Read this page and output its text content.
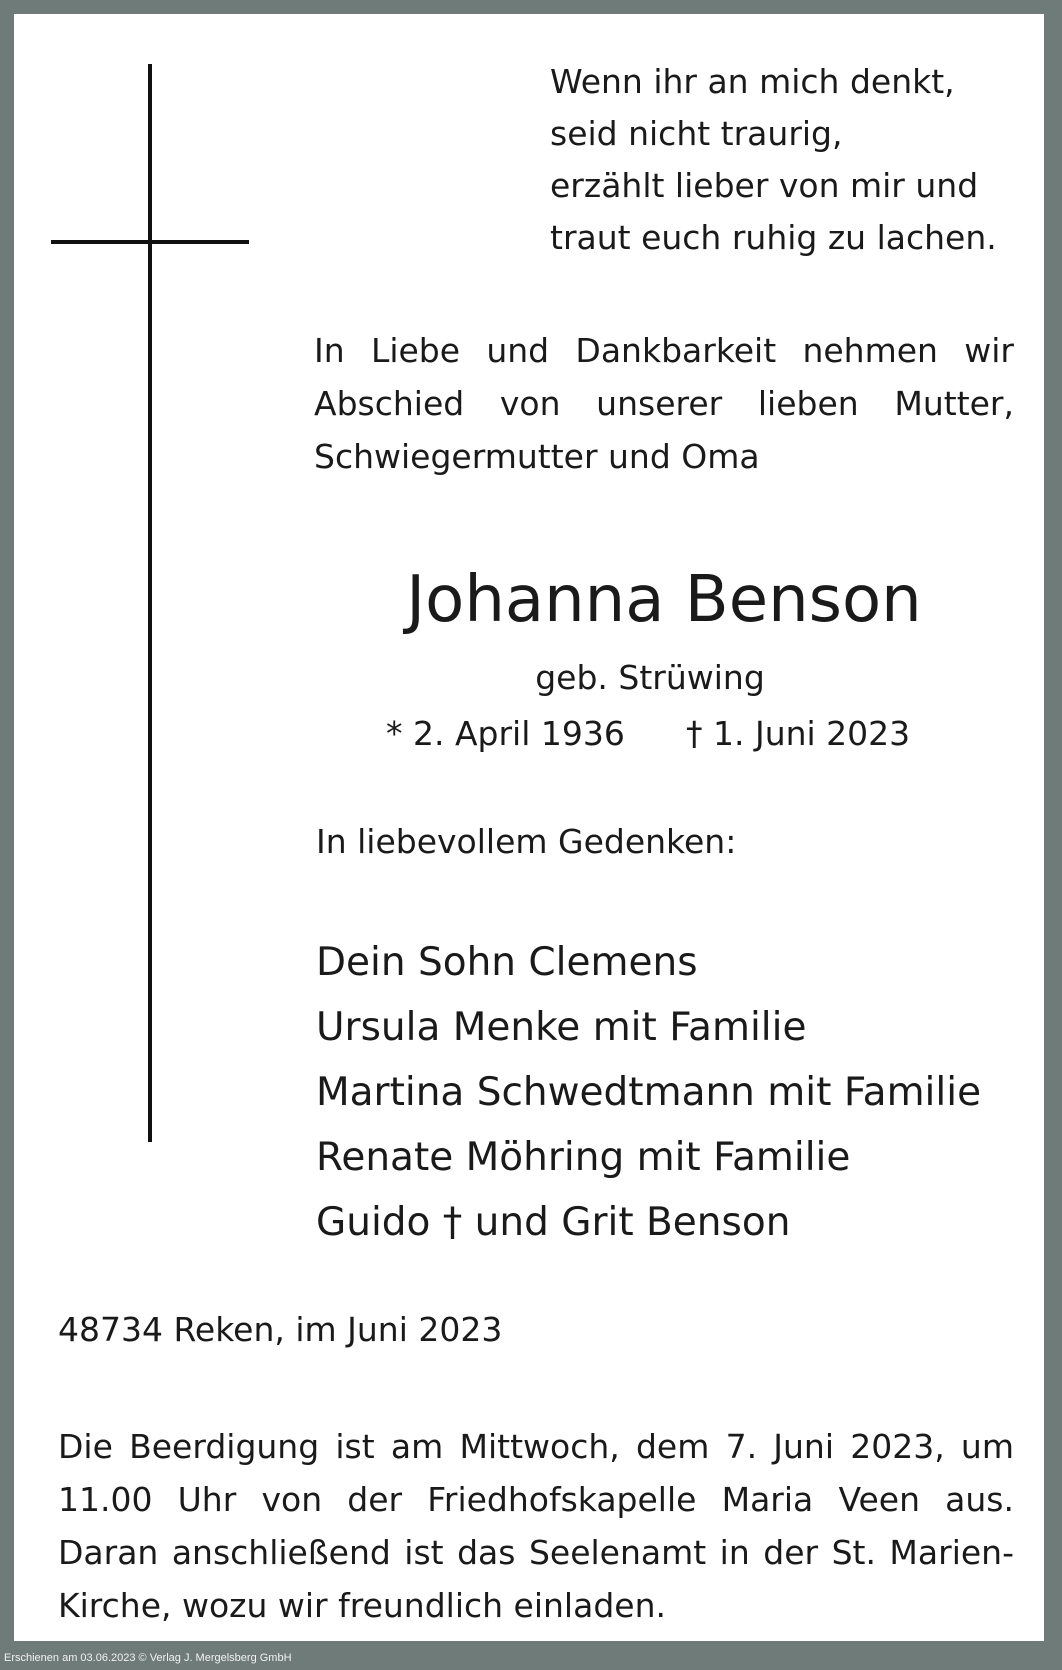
Wenn ihr an mich denkt,
seid nicht traurig,
erzählt lieber von mir und
traut euch ruhig zu lachen.
In Liebe und Dankbarkeit nehmen wir Abschied von unserer lieben Mutter, Schwiegermutter und Oma
Johanna Benson
geb. Strüwing
* 2. April 1936 † 1. Juni 2023
In liebevollem Gedenken:
Dein Sohn Clemens
Ursula Menke mit Familie
Martina Schwedtmann mit Familie
Renate Möhring mit Familie
Guido † und Grit Benson
48734 Reken, im Juni 2023
Die Beerdigung ist am Mittwoch, dem 7. Juni 2023, um 11.00 Uhr von der Friedhofskapelle Maria Veen aus. Daran anschließend ist das Seelenamt in der St. Marien-Kirche, wozu wir freundlich einladen.
Erschienen am 03.06.2023 © Verlag J. Mergelsberg GmbH
